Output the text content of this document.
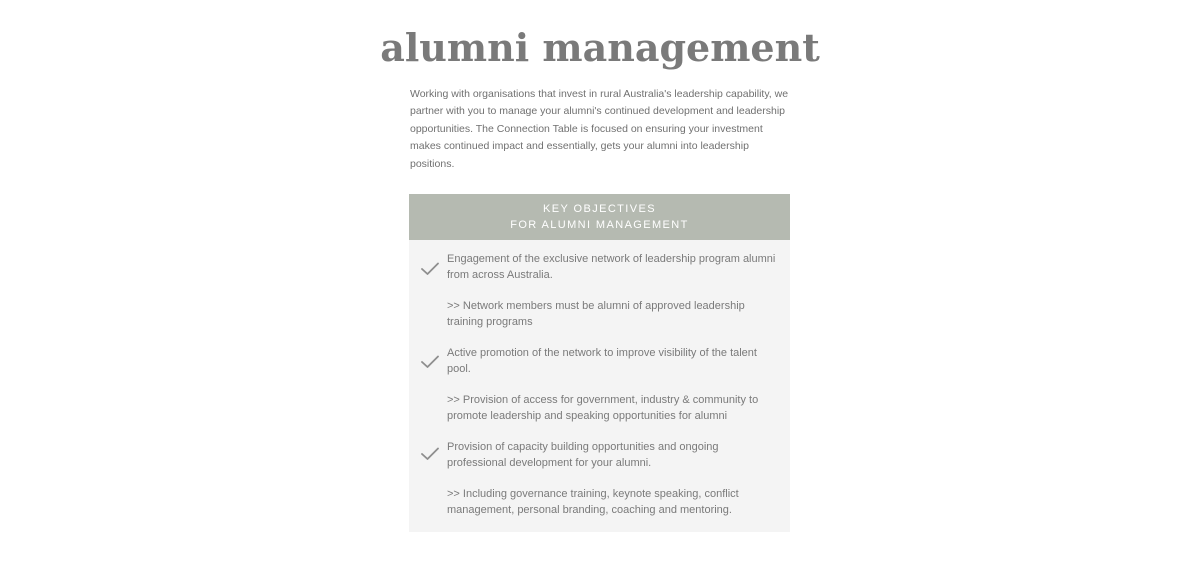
alumni management

Working with organisations that invest in rural Australia's leadership capability, we partner with you to manage your alumni's continued development and leadership opportunities. The Connection Table is focused on ensuring your investment makes continued impact and essentially, gets your alumni into leadership positions.

KEY OBJECTIVES
FOR ALUMNI MANAGEMENT
Engagement of the exclusive network of leadership program alumni from across Australia.
>> Network members must be alumni of approved leadership training programs
Active promotion of the network to improve visibility of the talent pool.
>> Provision of access for government, industry & community to promote leadership and speaking opportunities for alumni
Provision of capacity building opportunities and ongoing professional development for your alumni.
>> Including governance training, keynote speaking, conflict management, personal branding, coaching and mentoring.
